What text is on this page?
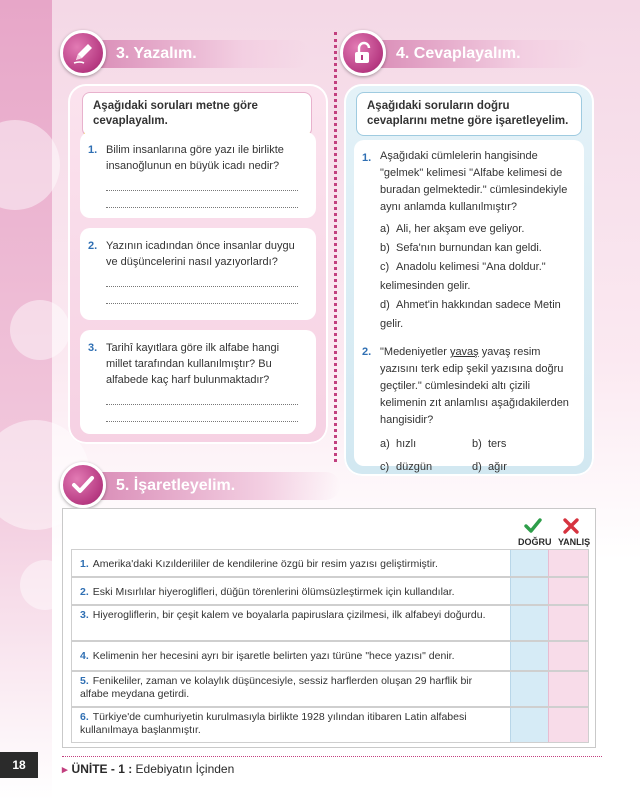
3. Yazalım.
Aşağıdaki soruları metne göre cevaplayalım.
1. Bilim insanlarına göre yazı ile birlikte insanoğlunun en büyük icadı nedir?
2. Yazının icadından önce insanlar duygu ve düşüncelerini nasıl yazıyorlardı?
3. Tarihî kayıtlara göre ilk alfabe hangi millet tarafından kullanılmıştır? Bu alfabede kaç harf bulunmaktadır?
4. Cevaplayalım.
Aşağıdaki soruların doğru cevaplarını metne göre işaretleyelim.
1. Aşağıdaki cümlelerin hangisinde "gelmek" kelimesi "Alfabe kelimesi de buradan gelmektedir." cümlesindekiyle aynı anlamda kullanılmıştır?
a) Ali, her akşam eve geliyor.
b) Sefa'nın burnundan kan geldi.
c) Anadolu kelimesi "Ana doldur." kelimesinden gelir.
d) Ahmet'in hakkından sadece Metin gelir.
2. "Medeniyetler yavaş yavaş resim yazısını terk edip şekil yazısına doğru geçtiler." cümlesindeki altı çizili kelimenin zıt anlamlısı aşağıdakilerden hangisidir?
a) hızlı	b) ters
c) düzgün	d) ağır
5. İşaretleyelim.
DOĞRU YANLIŞ
1. Amerika'daki Kızılderililer de kendilerine özgü bir resim yazısı geliştirmiştir.
2. Eski Mısırlılar hiyeroglifleri, düğün törenlerini ölümsüzleştirmek için kullandılar.
3. Hiyerogliflerin, bir çeşit kalem ve boyalarla papiruslara çizilmesi, ilk alfabeyi doğurdu.
4. Kelimenin her hecesini ayrı bir işaretle belirten yazı türüne "hece yazısı" denir.
5. Fenikeliler, zaman ve kolaylık düşüncesiyle, sessiz harflerden oluşan 29 harflik bir alfabe meydana getirdi.
6. Türkiye'de cumhuriyetin kurulmasıyla birlikte 1928 yılından itibaren Latin alfabesi kullanılmaya başlanmıştır.
18	▸ ÜNİTE - 1 : Edebiyatın İçinden
